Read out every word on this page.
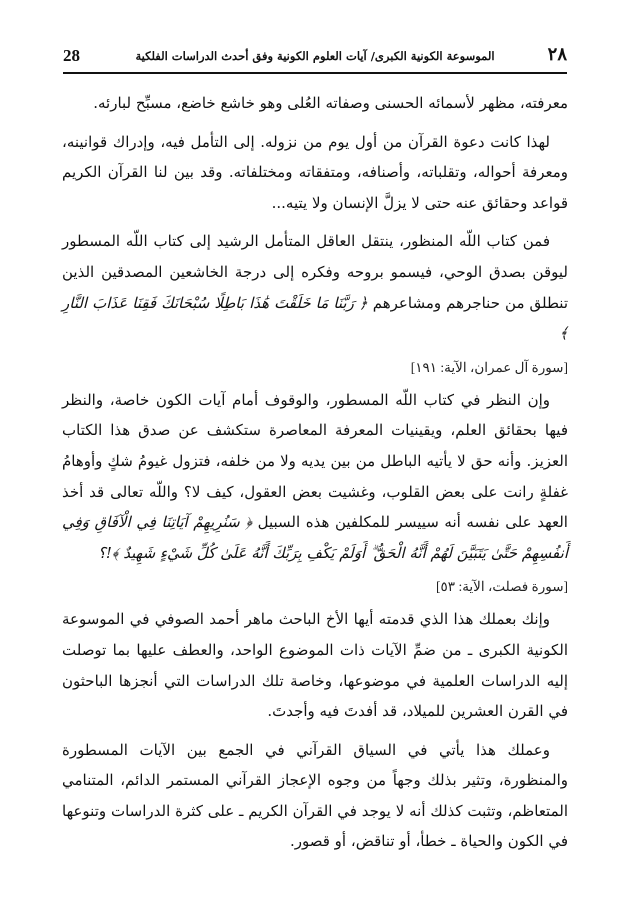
28	الموسوعة الكونية الكبرى/ آيات العلوم الكونية وفق أحدث الدراسات الفلكية	٢٨

معرفته، مظهر لأسمائه الحسنى وصفاته العُلى وهو خاشع خاضع، مسبِّح لبارئه.

لهذا كانت دعوة القرآن من أول يوم من نزوله. إلى التأمل فيه، وإدراك قوانينه، ومعرفة أحواله، وتقلباته، وأصنافه، ومتفقاته ومختلفاته. وقد بين لنا القرآن الكريم قواعد وحقائق عنه حتى لا يزلَّ الإنسان ولا يتيه...

فمن كتاب اللّه المنظور، ينتقل العاقل المتأمل الرشيد إلى كتاب اللّه المسطور ليوقن بصدق الوحي، فيسمو بروحه وفكره إلى درجة الخاشعين المصدقين الذين تنطلق من حناجرهم ومشاعرهم ﴿ رَبَّنَا مَا خَلَقْتَ هَٰذَا بَاطِلًا سُبْحَانَكَ فَقِنَا عَذَابَ النَّارِ ﴾

[سورة آل عمران، الآية: ١٩١]

وإن النظر في كتاب اللّه المسطور، والوقوف أمام آيات الكون خاصة، والنظر فيها بحقائق العلم، ويقينيات المعرفة المعاصرة ستكشف عن صدق هذا الكتاب العزيز. وأنه حق لا يأتيه الباطل من بين يديه ولا من خلفه، فتزول غيومُ شكٍ وأوهامُ غفلةٍ رانت على بعض القلوب، وغشيت بعض العقول، كيف لا؟ واللّه تعالى قد أخذ العهد على نفسه أنه سييسر للمكلفين هذه السبيل ﴿ سَنُرِيهِمْ آيَاتِنَا فِي الْآفَاقِ وَفِي أَنفُسِهِمْ حَتَّىٰ يَتَبَيَّنَ لَهُمْ أَنَّهُ الْحَقُّ ۗ أَوَلَمْ يَكْفِ بِرَبِّكَ أَنَّهُ عَلَىٰ كُلِّ شَيْءٍ شَهِيدٌ ﴾!؟

[سورة فصلت، الآية: ٥٣]

وإنك بعملك هذا الذي قدمته أيها الأخ الباحث ماهر أحمد الصوفي في الموسوعة الكونية الكبرى ـ من ضمِّ الآيات ذات الموضوع الواحد، والعطف عليها بما توصلت إليه الدراسات العلمية في موضوعها، وخاصة تلك الدراسات التي أنجزها الباحثون في القرن العشرين للميلاد، قد أفدتَ فيه وأجدتَ.

وعملك هذا يأتي في السياق القرآني في الجمع بين الآيات المسطورة والمنظورة، وتثير بذلك وجهاً من وجوه الإعجاز القرآني المستمر الدائم، المتنامي المتعاظم، وتثبت كذلك أنه لا يوجد في القرآن الكريم ـ على كثرة الدراسات وتنوعها في الكون والحياة ـ خطأ، أو تناقض، أو قصور.
